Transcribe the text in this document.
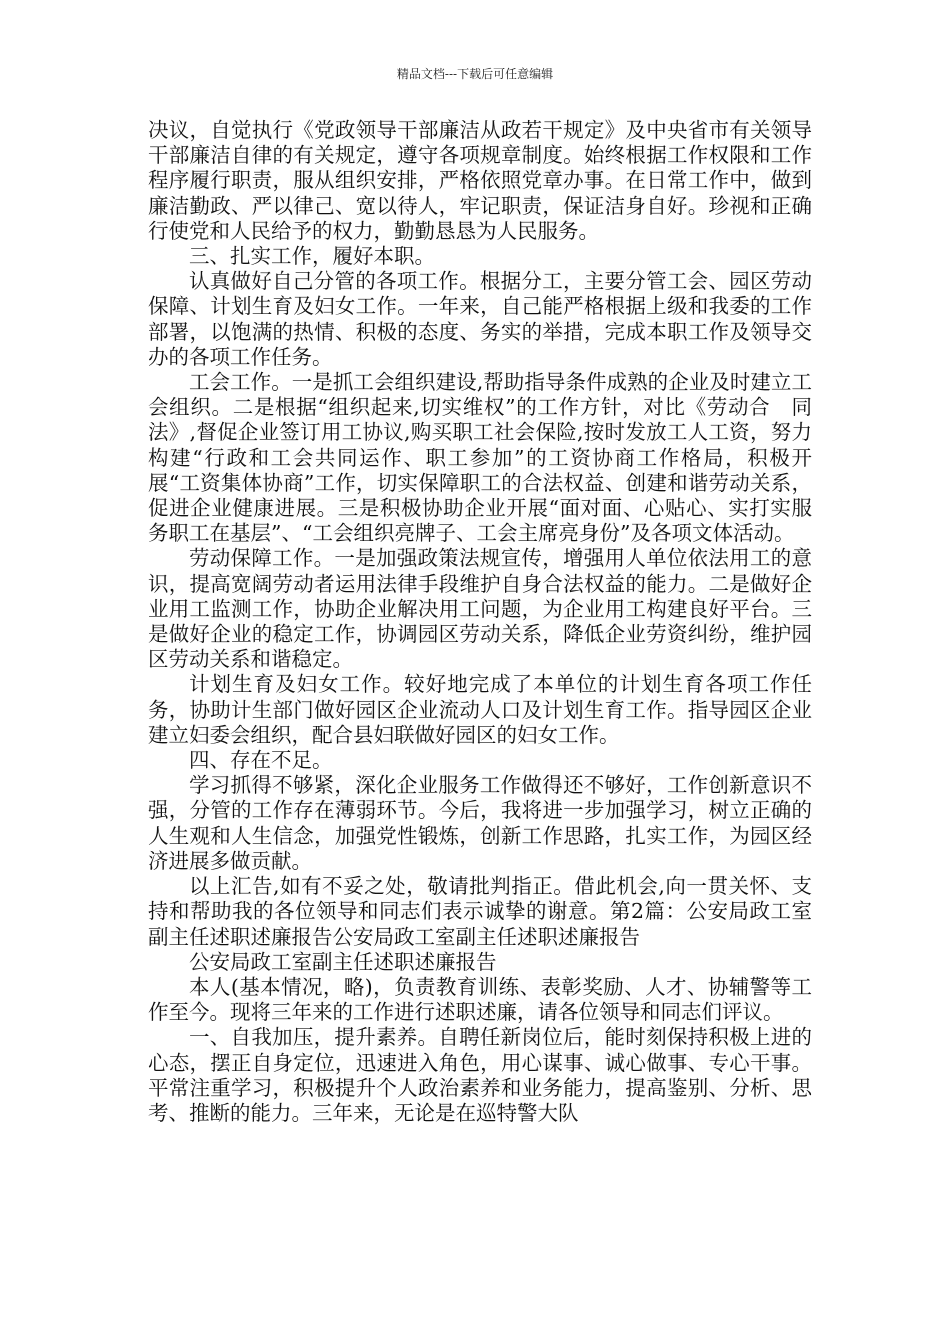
精品文档---下载后可任意编辑

决议，自觉执行《党政领导干部廉洁从政若干规定》及中央省市有关领导干部廉洁自律的有关规定，遵守各项规章制度。始终根据工作权限和工作程序履行职责，服从组织安排，严格依照党章办事。在日常工作中，做到廉洁勤政、严以律己、宽以待人，牢记职责，保证洁身自好。珍视和正确行使党和人民给予的权力，勤勤恳恳为人民服务。

三、扎实工作，履好本职。

认真做好自己分管的各项工作。根据分工，主要分管工会、园区劳动保障、计划生育及妇女工作。一年来，自己能严格根据上级和我委的工作部署，以饱满的热情、积极的态度、务实的举措，完成本职工作及领导交办的各项工作任务。

工会工作。一是抓工会组织建设,帮助指导条件成熟的企业及时建立工会组织。二是根据“组织起来,切实维权”的工作方针，对比《劳动合　同法》,督促企业签订用工协议,购买职工社会保险,按时发放工人工资，努力构建“行政和工会共同运作、职工参加”的工资协商工作格局，积极开展“工资集体协商”工作，切实保障职工的合法权益、创建和谐劳动关系，促进企业健康进展。三是积极协助企业开展“面对面、心贴心、实打实服务职工在基层”、“工会组织亮牌子、工会主席亮身份”及各项文体活动。

劳动保障工作。一是加强政策法规宣传，增强用人单位依法用工的意识，提高宽阔劳动者运用法律手段维护自身合法权益的能力。二是做好企业用工监测工作，协助企业解决用工问题，为企业用工构建良好平台。三是做好企业的稳定工作，协调园区劳动关系，降低企业劳资纠纷，维护园区劳动关系和谐稳定。

计划生育及妇女工作。较好地完成了本单位的计划生育各项工作任务，协助计生部门做好园区企业流动人口及计划生育工作。指导园区企业建立妇委会组织，配合县妇联做好园区的妇女工作。

四、存在不足。

学习抓得不够紧，深化企业服务工作做得还不够好，工作创新意识不强，分管的工作存在薄弱环节。今后，我将进一步加强学习，树立正确的人生观和人生信念，加强党性锻炼，创新工作思路，扎实工作，为园区经济进展多做贡献。

以上汇告,如有不妥之处，敬请批判指正。借此机会,向一贯关怀、支持和帮助我的各位领导和同志们表示诚挚的谢意。第2篇：公安局政工室副主任述职述廉报告公安局政工室副主任述职述廉报告

公安局政工室副主任述职述廉报告

本人(基本情况，略)，负责教育训练、表彰奖励、人才、协辅警等工作至今。现将三年来的工作进行述职述廉，请各位领导和同志们评议。

一、自我加压，提升素养。自聘任新岗位后，能时刻保持积极上进的心态，摆正自身定位，迅速进入角色，用心谋事、诚心做事、专心干事。平常注重学习，积极提升个人政治素养和业务能力，提高鉴别、分析、思考、推断的能力。三年来，无论是在巡特警大队
